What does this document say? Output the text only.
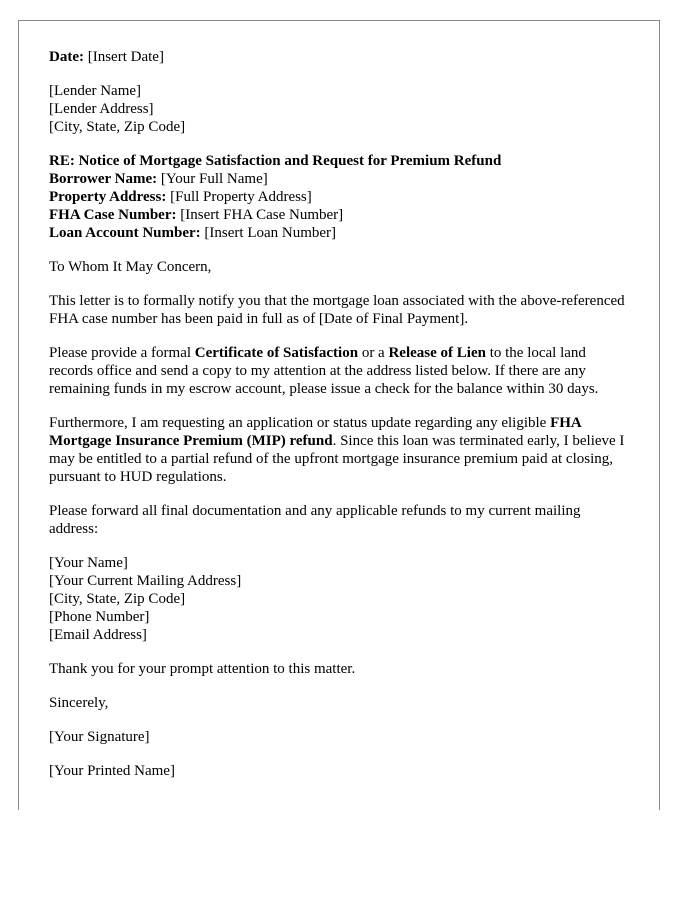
Date: [Insert Date]

[Lender Name]
[Lender Address]
[City, State, Zip Code]
RE: Notice of Mortgage Satisfaction and Request for Premium Refund
Borrower Name: [Your Full Name]
Property Address: [Full Property Address]
FHA Case Number: [Insert FHA Case Number]
Loan Account Number: [Insert Loan Number]

To Whom It May Concern,

This letter is to formally notify you that the mortgage loan associated with the above-referenced FHA case number has been paid in full as of [Date of Final Payment].

Please provide a formal Certificate of Satisfaction or a Release of Lien to the local land records office and send a copy to my attention at the address listed below. If there are any remaining funds in my escrow account, please issue a check for the balance within 30 days.

Furthermore, I am requesting an application or status update regarding any eligible FHA Mortgage Insurance Premium (MIP) refund. Since this loan was terminated early, I believe I may be entitled to a partial refund of the upfront mortgage insurance premium paid at closing, pursuant to HUD regulations.

Please forward all final documentation and any applicable refunds to my current mailing address:

[Your Name]
[Your Current Mailing Address]
[City, State, Zip Code]
[Phone Number]
[Email Address]

Thank you for your prompt attention to this matter.

Sincerely,

[Your Signature]

[Your Printed Name]
